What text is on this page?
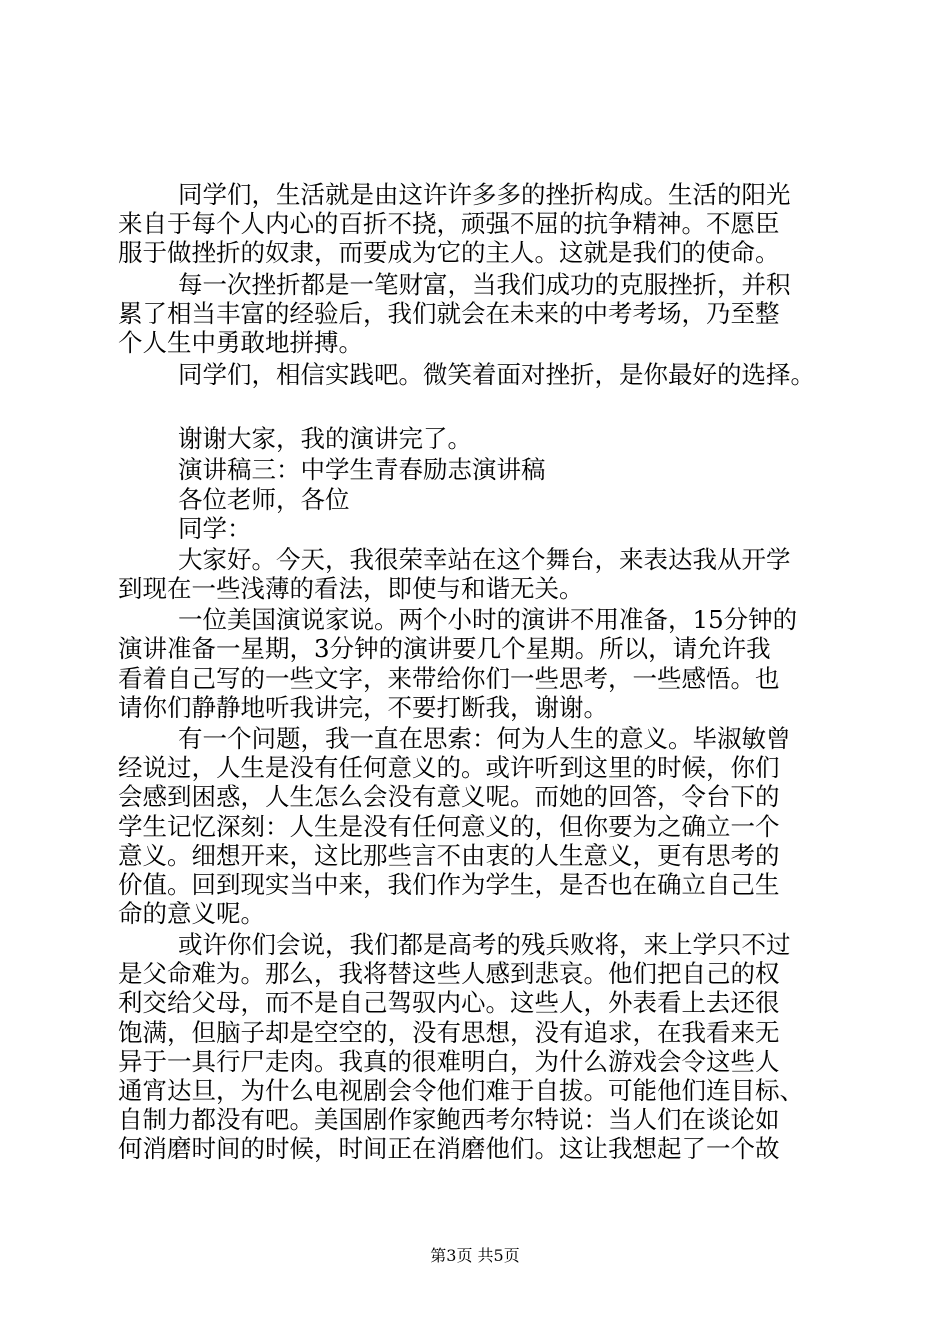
同学们，生活就是由这许许多多的挫折构成。生活的阳光
来自于每个人内心的百折不挠，顽强不屈的抗争精神。不愿臣
服于做挫折的奴隶，而要成为它的主人。这就是我们的使命。
每一次挫折都是一笔财富，当我们成功的克服挫折，并积
累了相当丰富的经验后，我们就会在未来的中考考场，乃至整
个人生中勇敢地拼搏。
同学们，相信实践吧。微笑着面对挫折，是你最好的选择。
谢谢大家，我的演讲完了。
演讲稿三：中学生青春励志演讲稿
各位老师，各位
同学：
大家好。今天，我很荣幸站在这个舞台，来表达我从开学
到现在一些浅薄的看法，即使与和谐无关。
一位美国演说家说。两个小时的演讲不用准备，15分钟的
演讲准备一星期，3分钟的演讲要几个星期。所以，请允许我
看着自己写的一些文字，来带给你们一些思考，一些感悟。也
请你们静静地听我讲完，不要打断我，谢谢。
有一个问题，我一直在思索：何为人生的意义。毕淑敏曾
经说过，人生是没有任何意义的。或许听到这里的时候，你们
会感到困惑，人生怎么会没有意义呢。而她的回答，令台下的
学生记忆深刻：人生是没有任何意义的，但你要为之确立一个
意义。细想开来，这比那些言不由衷的人生意义，更有思考的
价值。回到现实当中来，我们作为学生，是否也在确立自己生
命的意义呢。
或许你们会说，我们都是高考的残兵败将，来上学只不过
是父命难为。那么，我将替这些人感到悲哀。他们把自己的权
利交给父母，而不是自己驾驭内心。这些人，外表看上去还很
饱满，但脑子却是空空的，没有思想，没有追求，在我看来无
异于一具行尸走肉。我真的很难明白，为什么游戏会令这些人
通宵达旦，为什么电视剧会令他们难于自拔。可能他们连目标、
自制力都没有吧。美国剧作家鲍西考尔特说：当人们在谈论如
何消磨时间的时候，时间正在消磨他们。这让我想起了一个故
第3页 共5页
